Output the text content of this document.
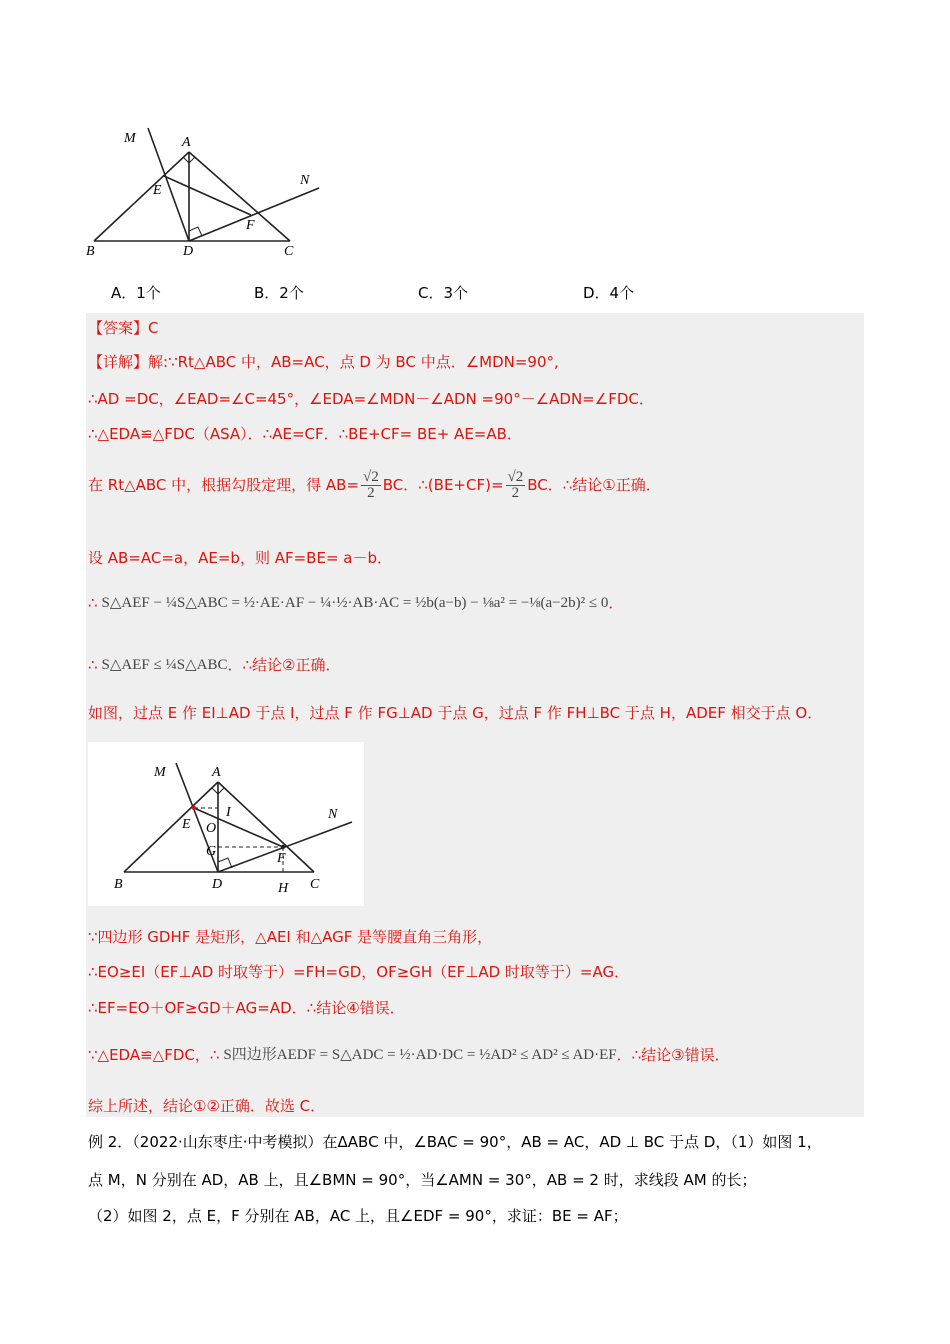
M	A
N
E
F
B	D	C
A．1个	B．2个	C．3个	D．4个
【答案】C
【详解】解:∵Rt△ABC 中，AB=AC，点 D 为 BC 中点．∠MDN=90°,
∴AD =DC，∠EAD=∠C=45°，∠EDA=∠MDN－∠ADN =90°－∠ADN=∠FDC．
∴△EDA≌△FDC（ASA）．∴AE=CF．∴BE+CF= BE+ AE=AB．
在 Rt△ABC 中，根据勾股定理，得 $AB= \frac{√2}{2}$ BC．∴(BE+CF)= $\frac{√2}{2}$ BC．∴结论①正确．
设 AB=AC=a，AE=b，则 AF=BE= a－b．
∴ S△AEF − ¼S△ABC = ½·AE·AF − ¼·½·AB·AC = ½b(a−b) − ⅛a² = −⅛(a−2b)² ≤ 0 ．
∴ S△AEF ≤ ¼S△ABC ．∴结论②正确．
如图，过点 E 作 EI⊥AD 于点 I，过点 F 作 FG⊥AD 于点 G，过点 F 作 FH⊥BC 于点 H，ADEF 相交于点 O．
M	A
N
E
I
O
G	F
B	D	H C
∵四边形 GDHF 是矩形，△AEI 和△AGF 是等腰直角三角形，
∴EO≥EI（EF⊥AD 时取等于）=FH=GD，OF≥GH（EF⊥AD 时取等于）=AG．
∴EF=EO＋OF≥GD＋AG=AD．∴结论④错误．
∵△EDA≌△FDC，∴ S四边形AEDF = S△ADC = ½·AD·DC = ½AD² ≤ AD² ≤ AD·EF ．∴结论③错误．
综上所述，结论①②正确．故选 C．
例 2．（2022·山东枣庄·中考模拟）在ΔABC 中，∠BAC = 90°，AB = AC，AD ⊥ BC 于点 D，（1）如图 1，
点 M，N 分别在 AD，AB 上，且∠BMN = 90°，当∠AMN = 30°，AB = 2 时，求线段 AM 的长；
（2）如图 2，点 E，F 分别在 AB，AC 上，且∠EDF = 90°，求证：BE = AF；
